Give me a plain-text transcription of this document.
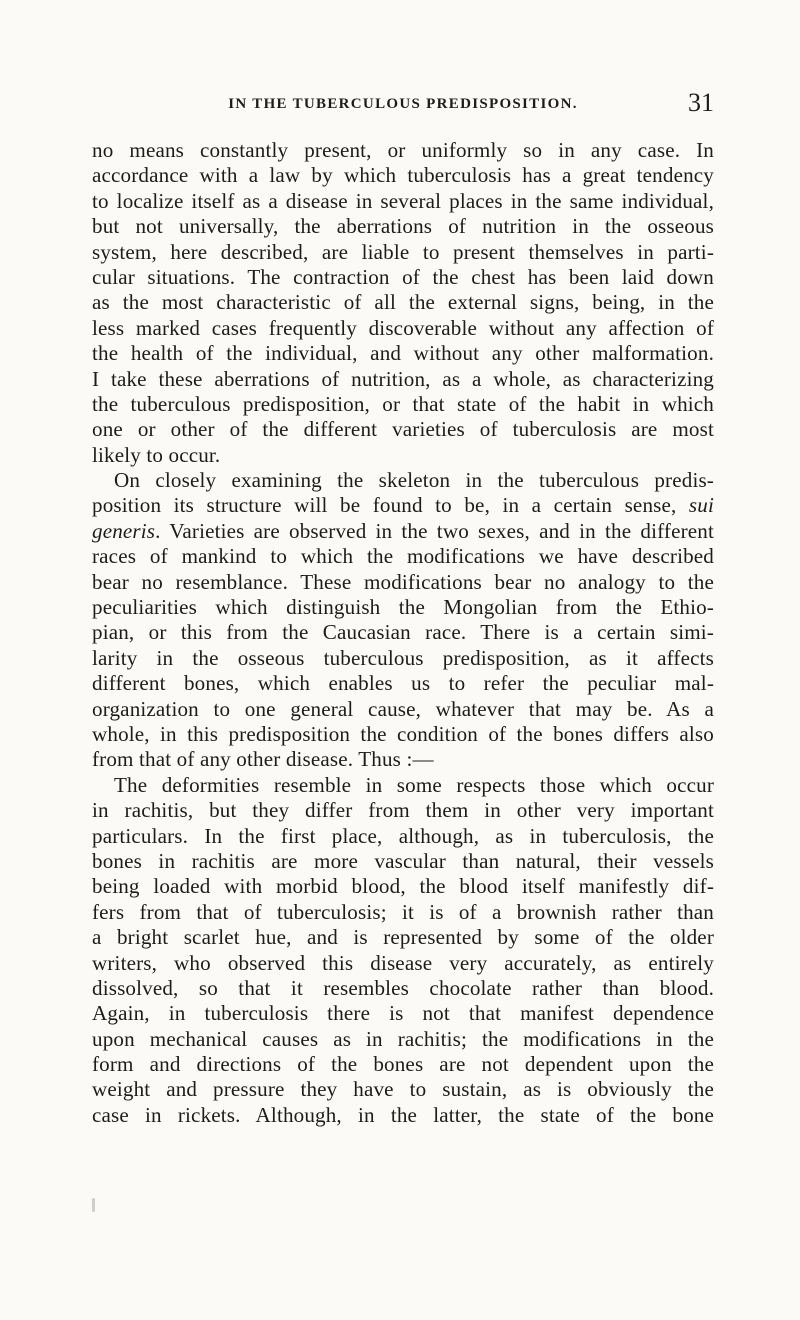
IN THE TUBERCULOUS PREDISPOSITION.	31
no means constantly present, or uniformly so in any case. In
accordance with a law by which tuberculosis has a great tendency
to localize itself as a disease in several places in the same individual,
but not universally, the aberrations of nutrition in the osseous
system, here described, are liable to present themselves in parti-
cular situations. The contraction of the chest has been laid down
as the most characteristic of all the external signs, being, in the
less marked cases frequently discoverable without any affection of
the health of the individual, and without any other malformation.
I take these aberrations of nutrition, as a whole, as characterizing
the tuberculous predisposition, or that state of the habit in which
one or other of the different varieties of tuberculosis are most
likely to occur.
On closely examining the skeleton in the tuberculous predis-
position its structure will be found to be, in a certain sense, sui
generis. Varieties are observed in the two sexes, and in the different
races of mankind to which the modifications we have described
bear no resemblance. These modifications bear no analogy to the
peculiarities which distinguish the Mongolian from the Ethio-
pian, or this from the Caucasian race. There is a certain simi-
larity in the osseous tuberculous predisposition, as it affects
different bones, which enables us to refer the peculiar mal-
organization to one general cause, whatever that may be. As a
whole, in this predisposition the condition of the bones differs also
from that of any other disease. Thus :—
The deformities resemble in some respects those which occur
in rachitis, but they differ from them in other very important
particulars. In the first place, although, as in tuberculosis, the
bones in rachitis are more vascular than natural, their vessels
being loaded with morbid blood, the blood itself manifestly dif-
fers from that of tuberculosis; it is of a brownish rather than
a bright scarlet hue, and is represented by some of the older
writers, who observed this disease very accurately, as entirely
dissolved, so that it resembles chocolate rather than blood.
Again, in tuberculosis there is not that manifest dependence
upon mechanical causes as in rachitis; the modifications in the
form and directions of the bones are not dependent upon the
weight and pressure they have to sustain, as is obviously the
case in rickets. Although, in the latter, the state of the bone
